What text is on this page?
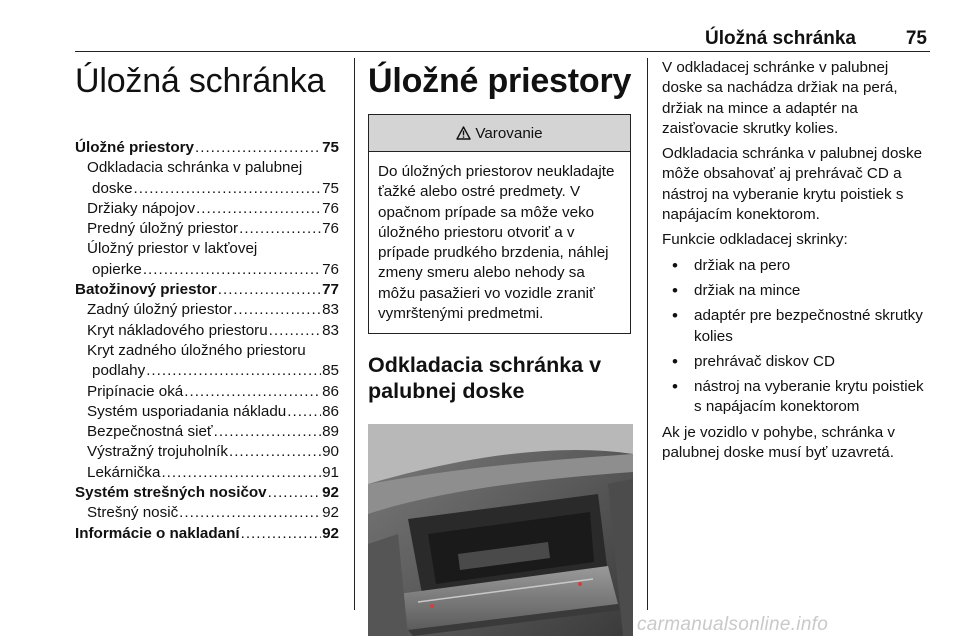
Úložná schránka	75
Úložná schránka
Úložné priestory .....	75
Odkladacia schránka v palubnej
doske .....	75
Držiaky nápojov .....	76
Predný úložný priestor .....	76
Úložný priestor v lakťovej
opierke .....	76
Batožinový priestor .....	77
Zadný úložný priestor .....	83
Kryt nákladového priestoru .....	83
Kryt zadného úložného priestoru
podlahy .....	85
Pripínacie oká .....	86
Systém usporiadania nákladu ..... 86
Bezpečnostná sieť .....	89
Výstražný trojuholník .....	90
Lekárnička .....	91
Systém strešných nosičov .....	92
Strešný nosič .....	92
Informácie o nakladaní .....	92
Úložné priestory
Varovanie
Do úložných priestorov neukladajte ťažké alebo ostré predmety. V opačnom prípade sa môže veko úložného priestoru otvoriť a v prípade prudkého brzdenia, náhlej zmeny smeru alebo nehody sa môžu pasažieri vo vozidle zraniť vymrštenými predmetmi.
Odkladacia schránka v palubnej doske

V odkladacej schránke v palubnej doske sa nachádza držiak na perá, držiak na mince a adaptér na zaisťovacie skrutky kolies.

Odkladacia schránka v palubnej doske môže obsahovať aj prehrávač CD a nástroj na vyberanie krytu poistiek s napájacím konektorom.

Funkcie odkladacej skrinky:

• držiak na pero
• držiak na mince
• adaptér pre bezpečnostné skrutky kolies
• prehrávač diskov CD
• nástroj na vyberanie krytu poistiek s napájacím konektorom

Ak je vozidlo v pohybe, schránka v palubnej doske musí byť uzavretá.

carmanualsonline.info
